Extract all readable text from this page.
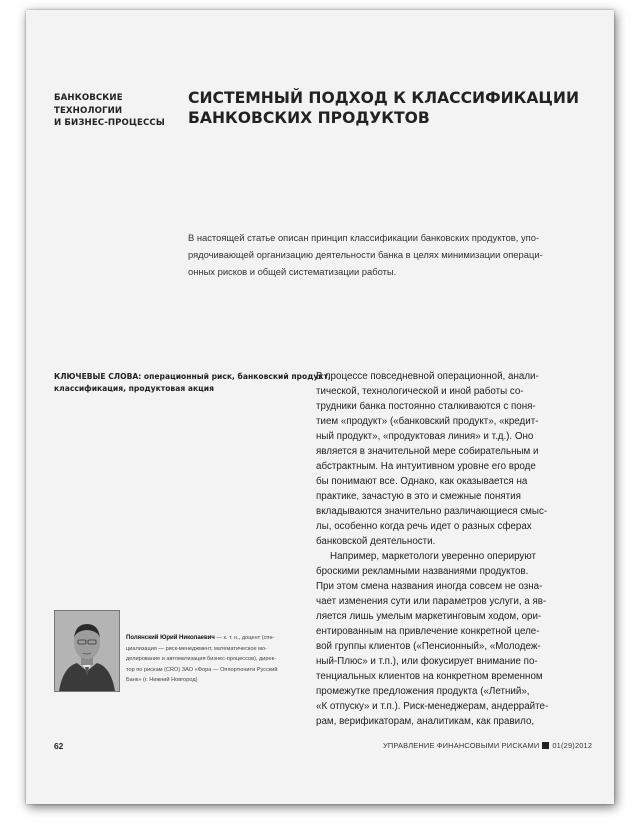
БАНКОВСКИЕ
ТЕХНОЛОГИИ
И БИЗНЕС-ПРОЦЕССЫ
СИСТЕМНЫЙ ПОДХОД К КЛАССИФИКАЦИИ
БАНКОВСКИХ ПРОДУКТОВ
В настоящей статье описан принцип классификации банковских продуктов, упо-
рядочивающей организацию деятельности банка в целях минимизации операци-
онных рисков и общей систематизации работы.
КЛЮЧЕВЫЕ СЛОВА: операционный риск, банковский продукт,
классификация, продуктовая акция
В процессе повседневной операционной, анали-
тической, технологической и иной работы со-
трудники банка постоянно сталкиваются с поня-
тием «продукт» («банковский продукт», «кредит-
ный продукт», «продуктовая линия» и т.д.). Оно
является в значительной мере собирательным и
абстрактным. На интуитивном уровне его вроде
бы понимают все. Однако, как оказывается на
практике, зачастую в это и смежные понятия
вкладываются значительно различающиеся смыс-
лы, особенно когда речь идет о разных сферах
банковской деятельности.
Например, маркетологи уверенно оперируют
броскими рекламными названиями продуктов.
При этом смена названия иногда совсем не озна-
чает изменения сути или параметров услуги, а яв-
ляется лишь умелым маркетинговым ходом, ори-
ентированным на привлечение конкретной целе-
вой группы клиентов («Пенсионный», «Молодеж-
ный-Плюс» и т.п.), или фокусирует внимание по-
тенциальных клиентов на конкретном временном
промежутке предложения продукта («Летний»,
«К отпуску» и т.п.). Риск-менеджерам, андеррайте-
рам, верификаторам, аналитикам, как правило,
Полянский Юрий Николаевич — к. т. н., доцент (спе-
циализация — риск-менеджмент, математическое мо-
делирование и автоматизация бизнес-процессов), дирек-
тор по рискам (CRO) ЗАО «Фора — Оппортюнити Русский
Банк» (г. Нижний Новгород)
62	УПРАВЛЕНИЕ ФИНАНСОВЫМИ РИСКАМИ 01(29)2012
